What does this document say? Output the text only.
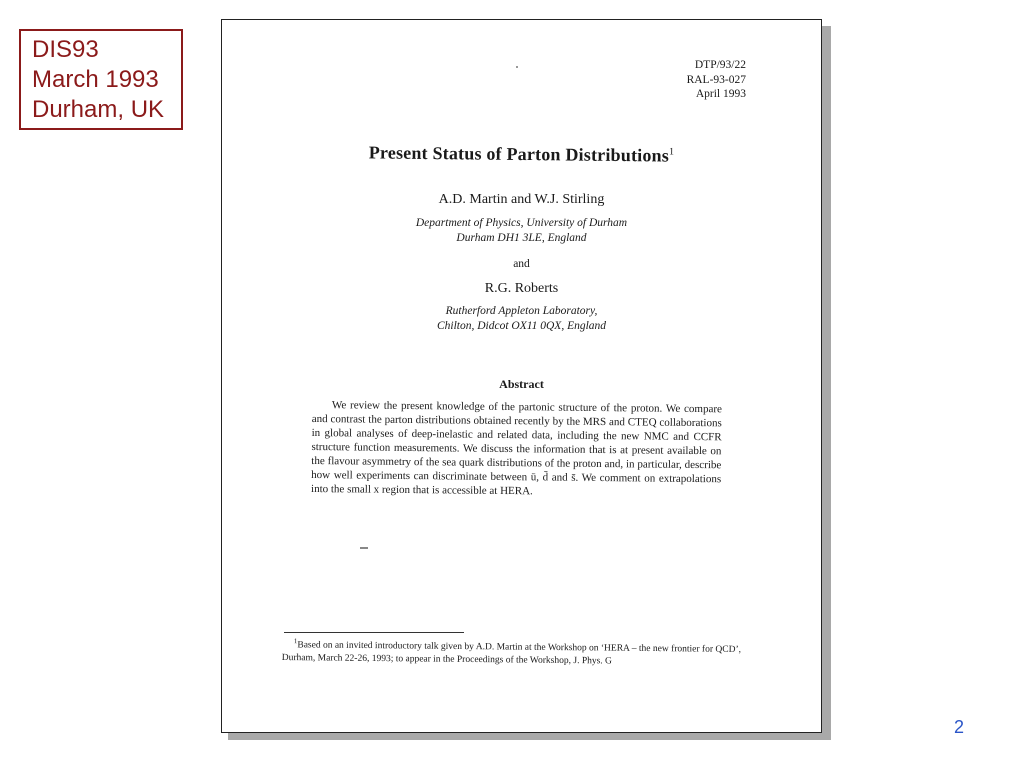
DIS93
March 1993
Durham, UK
DTP/93/22
RAL-93-027
April 1993
Present Status of Parton Distributions$^1$
A.D. Martin and W.J. Stirling
Department of Physics, University of Durham
Durham DH1 3LE, England
and
R.G. Roberts
Rutherford Appleton Laboratory,
Chilton, Didcot OX11 0QX, England
Abstract
We review the present knowledge of the partonic structure of the proton. We compare and contrast the parton distributions obtained recently by the MRS and CTEQ collaborations in global analyses of deep-inelastic and related data, including the new NMC and CCFR structure function measurements. We discuss the information that is at present available on the flavour asymmetry of the sea quark distributions of the proton and, in particular, describe how well experiments can discriminate between ū, d̄ and s̄. We comment on extrapolations into the small x region that is accessible at HERA.
$^1$Based on an invited introductory talk given by A.D. Martin at the Workshop on ‘HERA – the new frontier for QCD’, Durham, March 22-26, 1993; to appear in the Proceedings of the Workshop, J. Phys. G
2
